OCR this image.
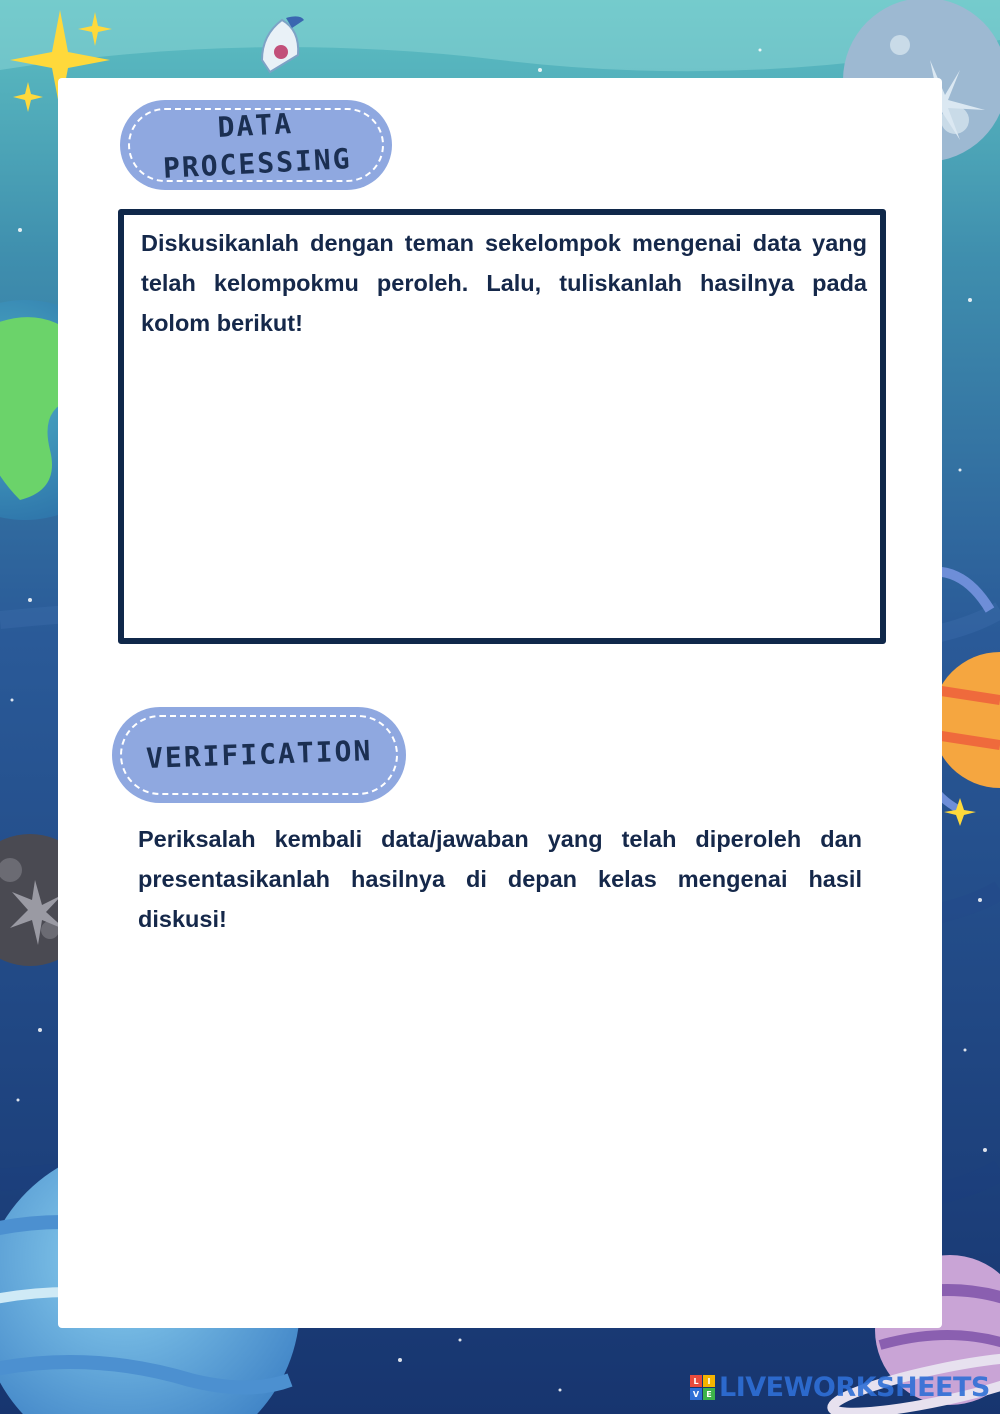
DATA
PROCESSING
Diskusikanlah dengan teman sekelompok mengenai data yang telah kelompokmu peroleh. Lalu, tuliskanlah hasilnya pada kolom berikut!
VERIFICATION
Periksalah kembali data/jawaban yang telah diperoleh dan presentasikanlah hasilnya di depan kelas mengenai hasil diskusi!
L	I
V E LIVEWORKSHEETS
